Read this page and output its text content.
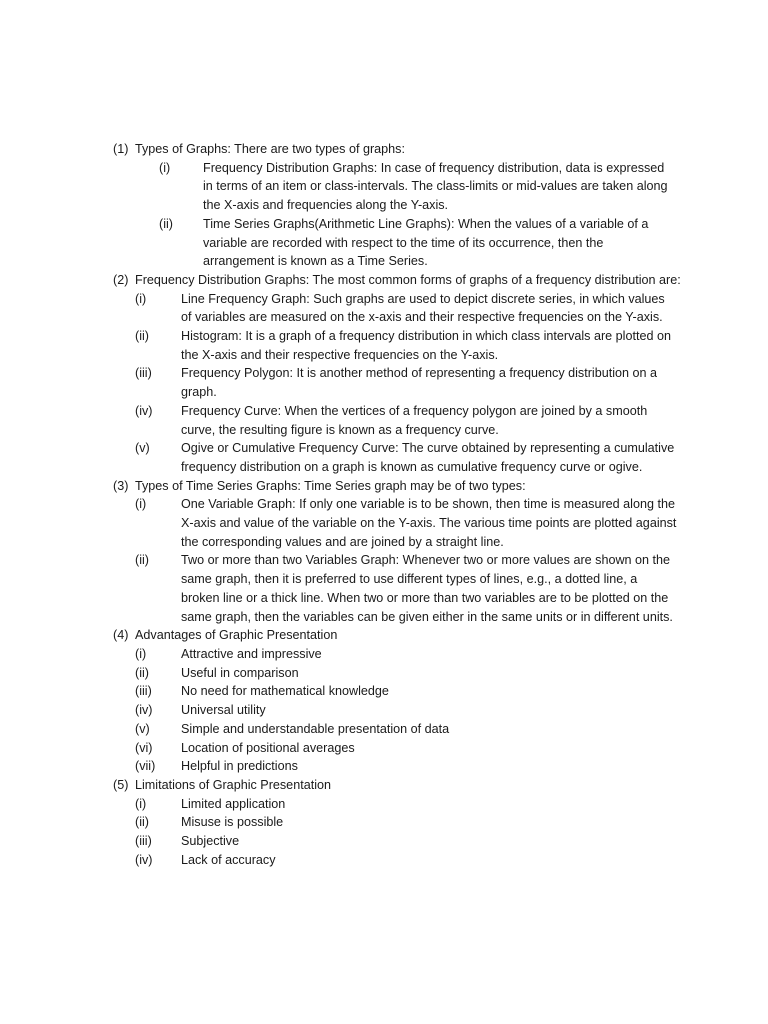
(1) Types of Graphs: There are two types of graphs:
(i)	Frequency Distribution Graphs: In case of frequency distribution, data is expressed in terms of an item or class-intervals. The class-limits or mid-values are taken along the X-axis and frequencies along the Y-axis.
(ii)	Time Series Graphs(Arithmetic Line Graphs): When the values of a variable of a variable are recorded with respect to the time of its occurrence, then the arrangement is known as a Time Series.
(2) Frequency Distribution Graphs: The most common forms of graphs of a frequency distribution are:
(i)	Line Frequency Graph: Such graphs are used to depict discrete series, in which values of variables are measured on the x-axis and their respective frequencies on the Y-axis.
(ii)	Histogram: It is a graph of a frequency distribution in which class intervals are plotted on the X-axis and their respective frequencies on the Y-axis.
(iii)	Frequency Polygon: It is another method of representing a frequency distribution on a graph.
(iv)	Frequency Curve: When the vertices of a frequency polygon are joined by a smooth curve, the resulting figure is known as a frequency curve.
(v)	Ogive or Cumulative Frequency Curve: The curve obtained by representing a cumulative frequency distribution on a graph is known as cumulative frequency curve or ogive.
(3) Types of Time Series Graphs: Time Series graph may be of two types:
(i)	One Variable Graph: If only one variable is to be shown, then time is measured along the X-axis and value of the variable on the Y-axis. The various time points are plotted against the corresponding values and are joined by a straight line.
(ii)	Two or more than two Variables Graph: Whenever two or more values are shown on the same graph, then it is preferred to use different types of lines, e.g., a dotted line, a broken line or a thick line. When two or more than two variables are to be plotted on the same graph, then the variables can be given either in the same units or in different units.
(4) Advantages of Graphic Presentation
(i)	Attractive and impressive
(ii)	Useful in comparison
(iii)	No need for mathematical knowledge
(iv)	Universal utility
(v)	Simple and understandable presentation of data
(vi)	Location of positional averages
(vii)	Helpful in predictions
(5) Limitations of Graphic Presentation
(i)	Limited application
(ii)	Misuse is possible
(iii)	Subjective
(iv)	Lack of accuracy
